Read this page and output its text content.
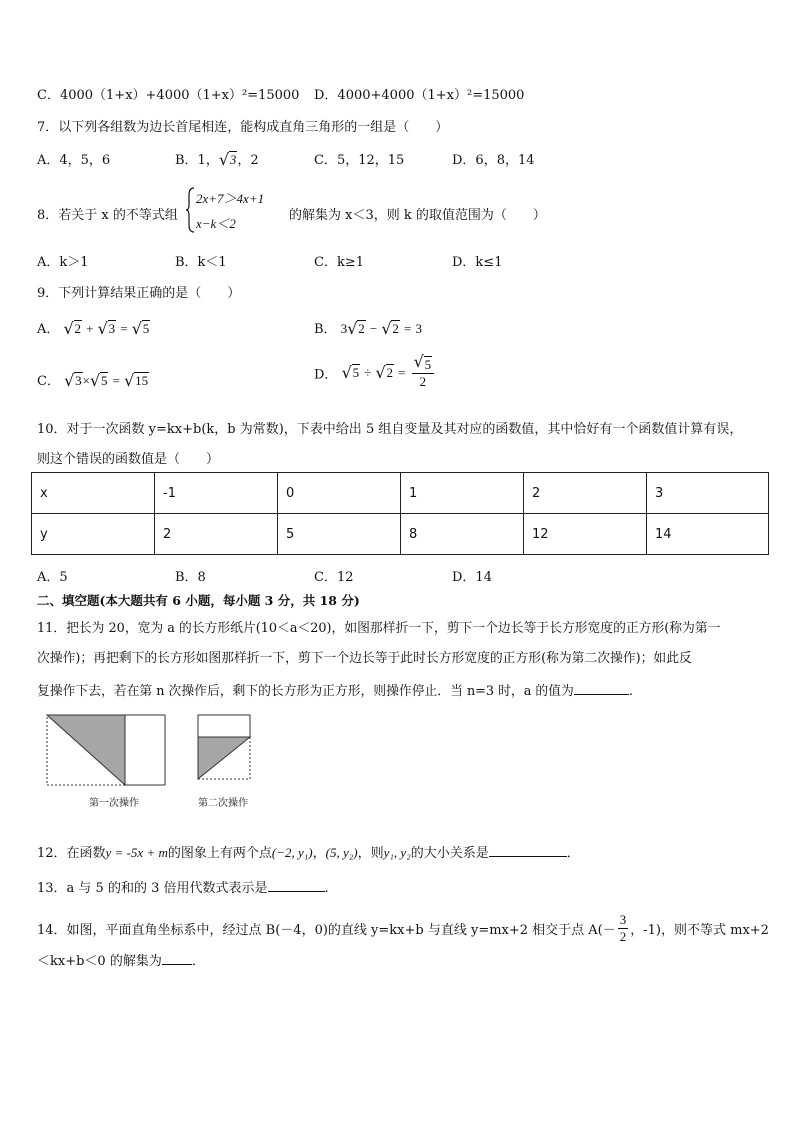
C．4000（1+x）+4000（1+x）²=15000 D．4000+4000（1+x）²=15000
7．以下列各组数为边长首尾相连，能构成直角三角形的一组是（　　）
A．4，5，6	B．1， √ 3，2	C．5，12，15	D．6，8，14
8．若关于 x 的不等式组
2x+7＞4x+1
x−k＜2
的解集为 x＜3，则 k 的取值范围为（　　）
A．k＞1	B．k＜1	C．k≥1	D．k≤1
9．下列计算结果正确的是（　　）
A． √ 2 + √ 3 = √ 5	B． 3 √ 2 − √ 2 = 3
C． √ 3× √ 5 = √ 15	D． √ 5 ÷ √ 2 = √ $\frac{5}{2}$
10．对于一次函数 y=kx+b(k，b 为常数)，下表中给出 5 组自变量及其对应的函数值，其中恰好有一个函数值计算有误，
则这个错误的函数值是（　　）
x	-1	0	1	2	3
y	2	5	8	12	14
A．5	B．8	C．12	D．14
二、填空题(本大题共有 6 小题，每小题 3 分，共 18 分)
11．把长为 20，宽为 a 的长方形纸片(10＜a＜20)，如图那样折一下，剪下一个边长等于长方形宽度的正方形(称为第一
次操作)；再把剩下的长方形如图那样折一下，剪下一个边长等于此时长方形宽度的正方形(称为第二次操作)；如此反
复操作下去，若在第 n 次操作后，剩下的长方形为正方形，则操作停止．当 n=3 时，a 的值为	.
第一次操作	第二次操作
12．在函数y = -5x + m的图象上有两个点(−2, y₁)，(5, y₂)，则y₁, y₂的大小关系是	．
13．a 与 5 的和的 3 倍用代数式表示是	.
14．如图，平面直角坐标系中，经过点 B(－4，0)的直线 y=kx+b 与直线 y=mx+2 相交于点 $A(- \frac{3}{2}$ ，-1)，则不等式 mx+2
＜kx+b＜0 的解集为 ．
